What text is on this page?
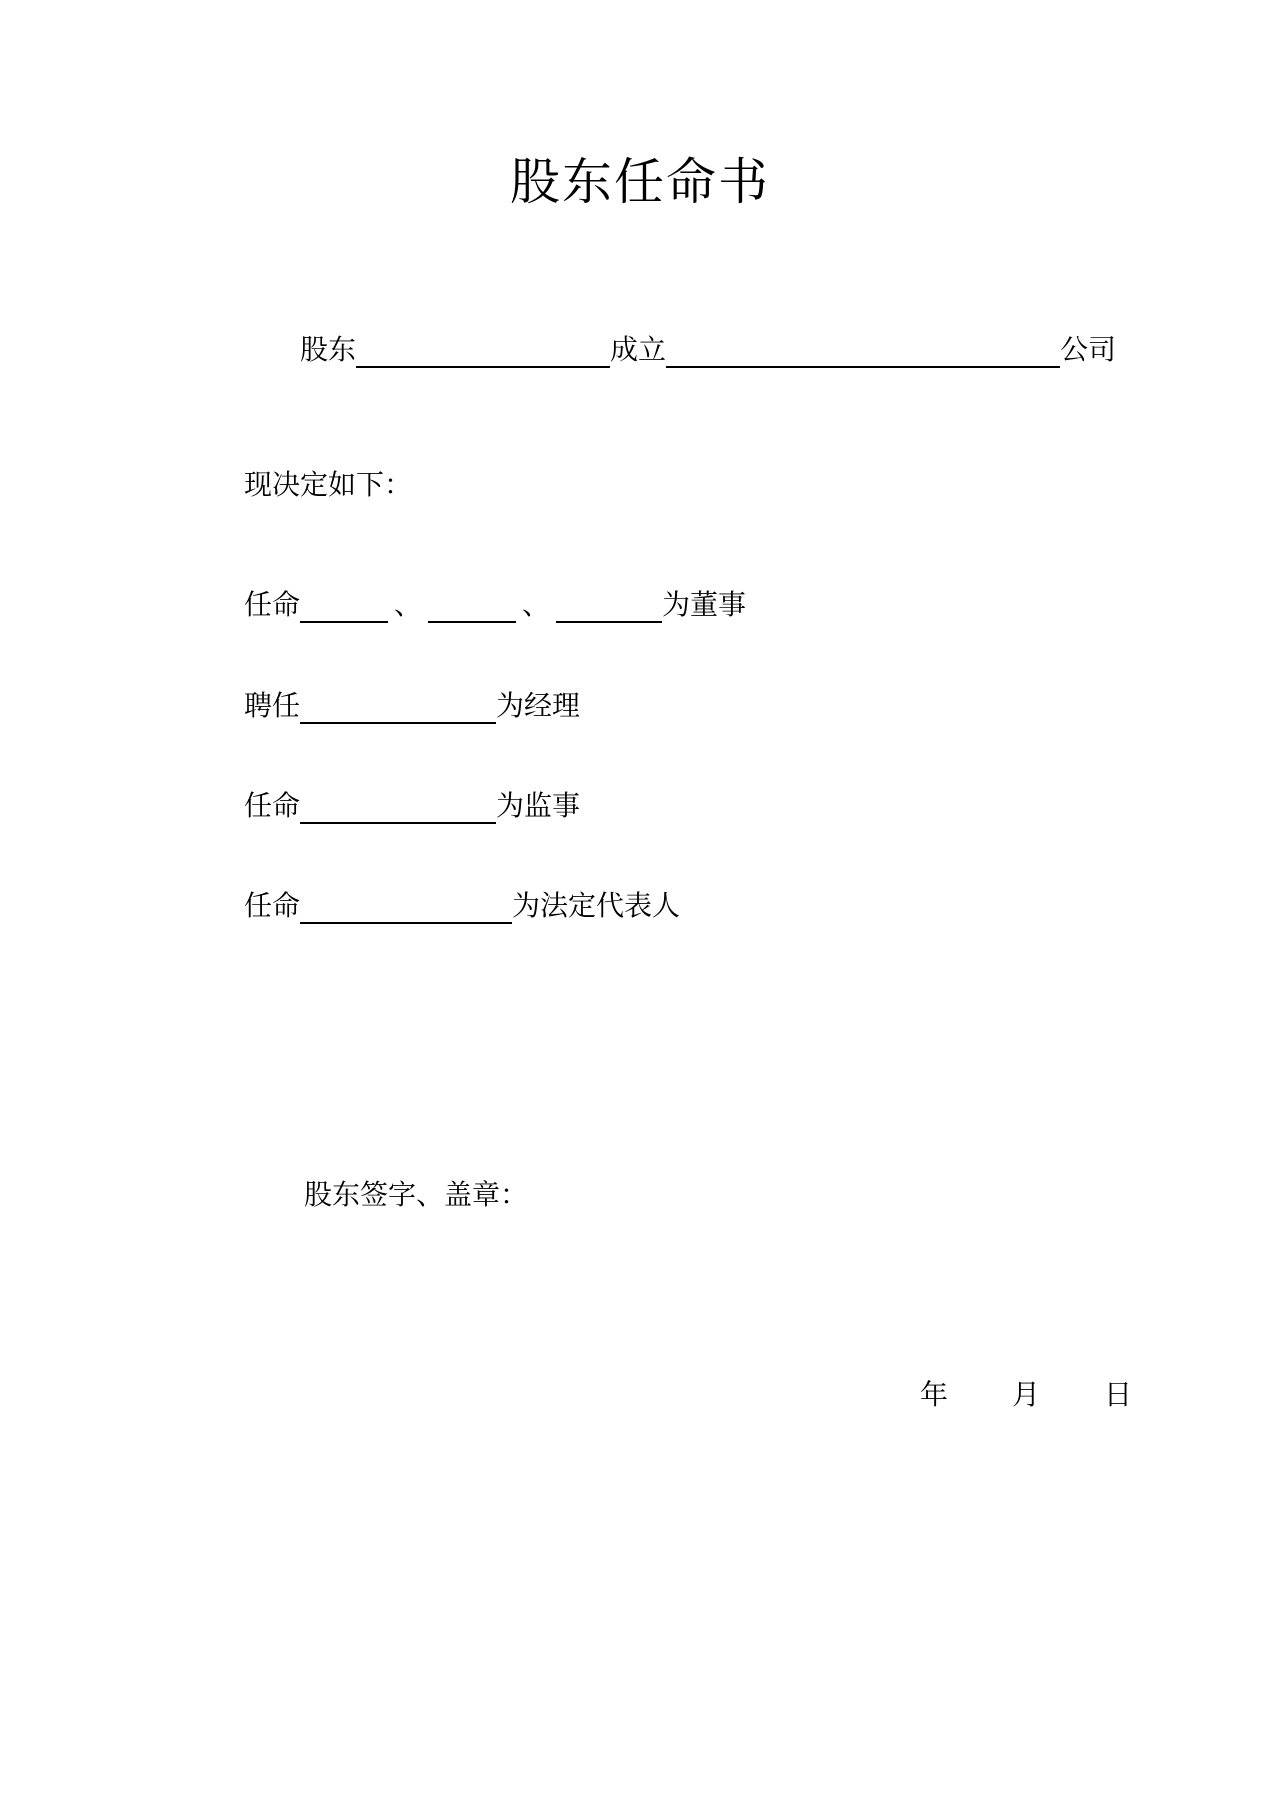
股东任命书
股东	成立	公司
现决定如下：
任命	、	、	为董事
聘任	为经理
任命	为监事
任命	为法定代表人
股东签字、盖章：
年 月 日
